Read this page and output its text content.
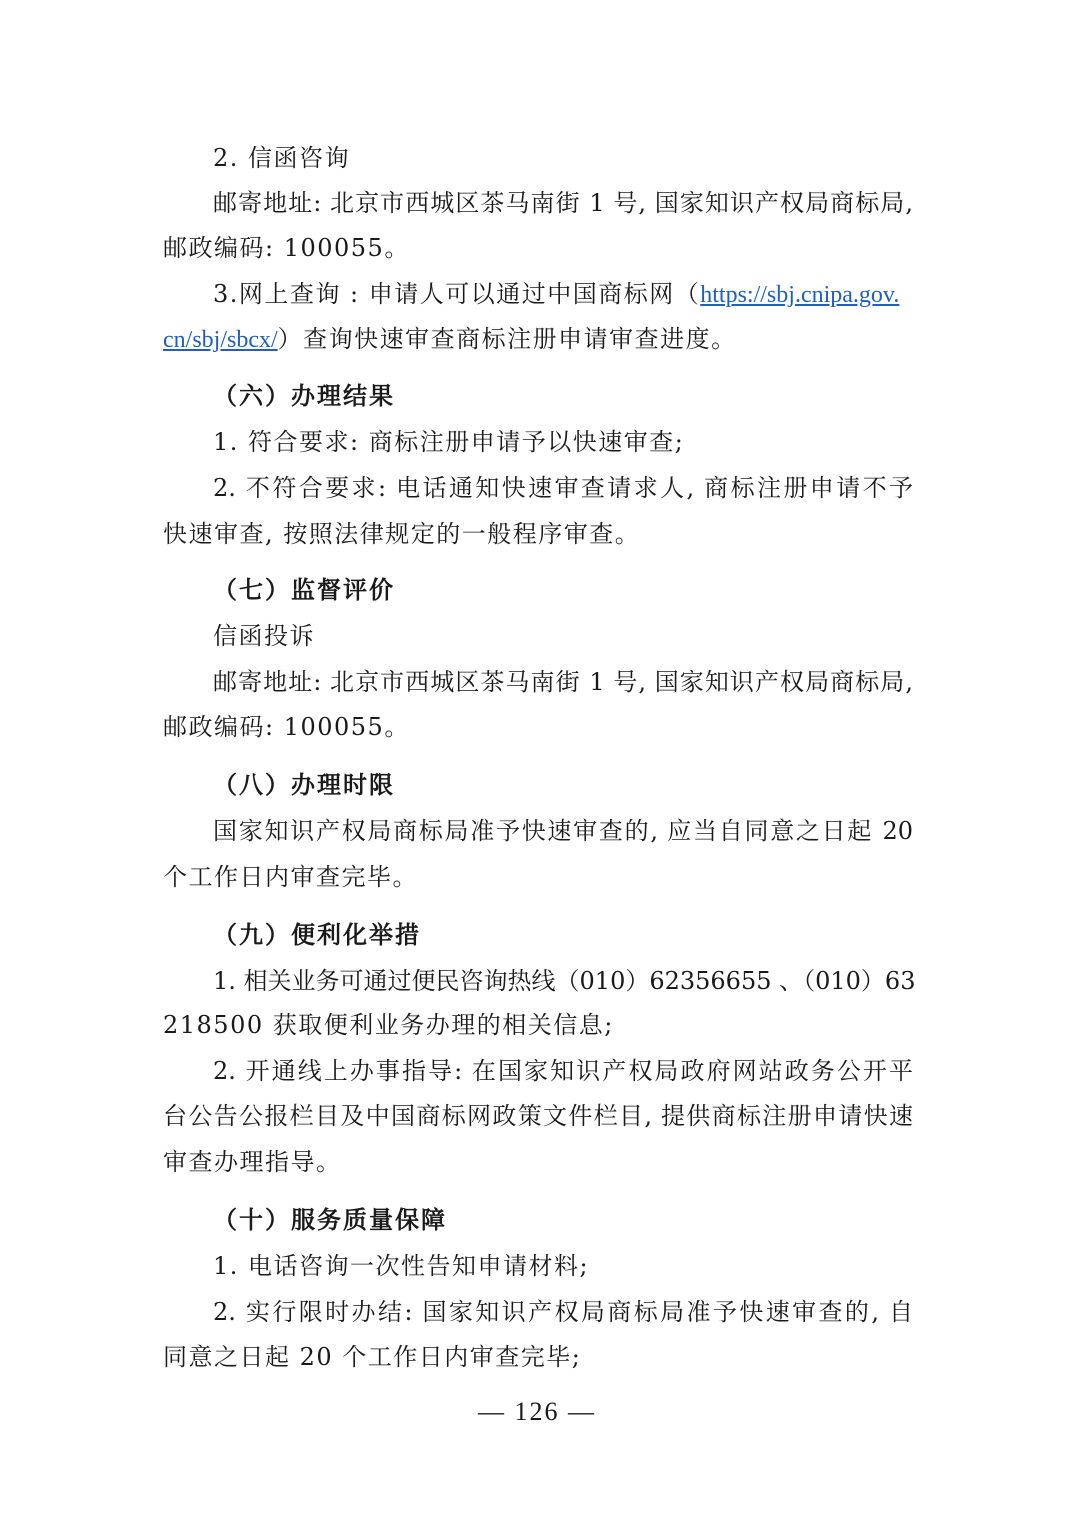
2. 信函咨询
邮寄地址: 北京市西城区茶马南街 1 号, 国家知识产权局商标局,
邮政编码: 100055。
3.网上查询 : 申请人可以通过中国商标网（https://sbj.cnipa.gov.
cn/sbj/sbcx/）查询快速审查商标注册申请审查进度。
（六）办理结果
1. 符合要求: 商标注册申请予以快速审查;
2. 不符合要求: 电话通知快速审查请求人, 商标注册申请不予
快速审查, 按照法律规定的一般程序审查。
（七）监督评价
信函投诉
邮寄地址: 北京市西城区茶马南街 1 号, 国家知识产权局商标局,
邮政编码: 100055。
（八）办理时限
国家知识产权局商标局准予快速审查的, 应当自同意之日起 20
个工作日内审查完毕。
（九）便利化举措
1. 相关业务可通过便民咨询热线（010）62356655 、（010）63
218500 获取便利业务办理的相关信息;
2. 开通线上办事指导: 在国家知识产权局政府网站政务公开平
台公告公报栏目及中国商标网政策文件栏目, 提供商标注册申请快速
审查办理指导。
（十）服务质量保障
1. 电话咨询一次性告知申请材料;
2. 实行限时办结: 国家知识产权局商标局准予快速审查的, 自
同意之日起 20 个工作日内审查完毕;
— 126 —
